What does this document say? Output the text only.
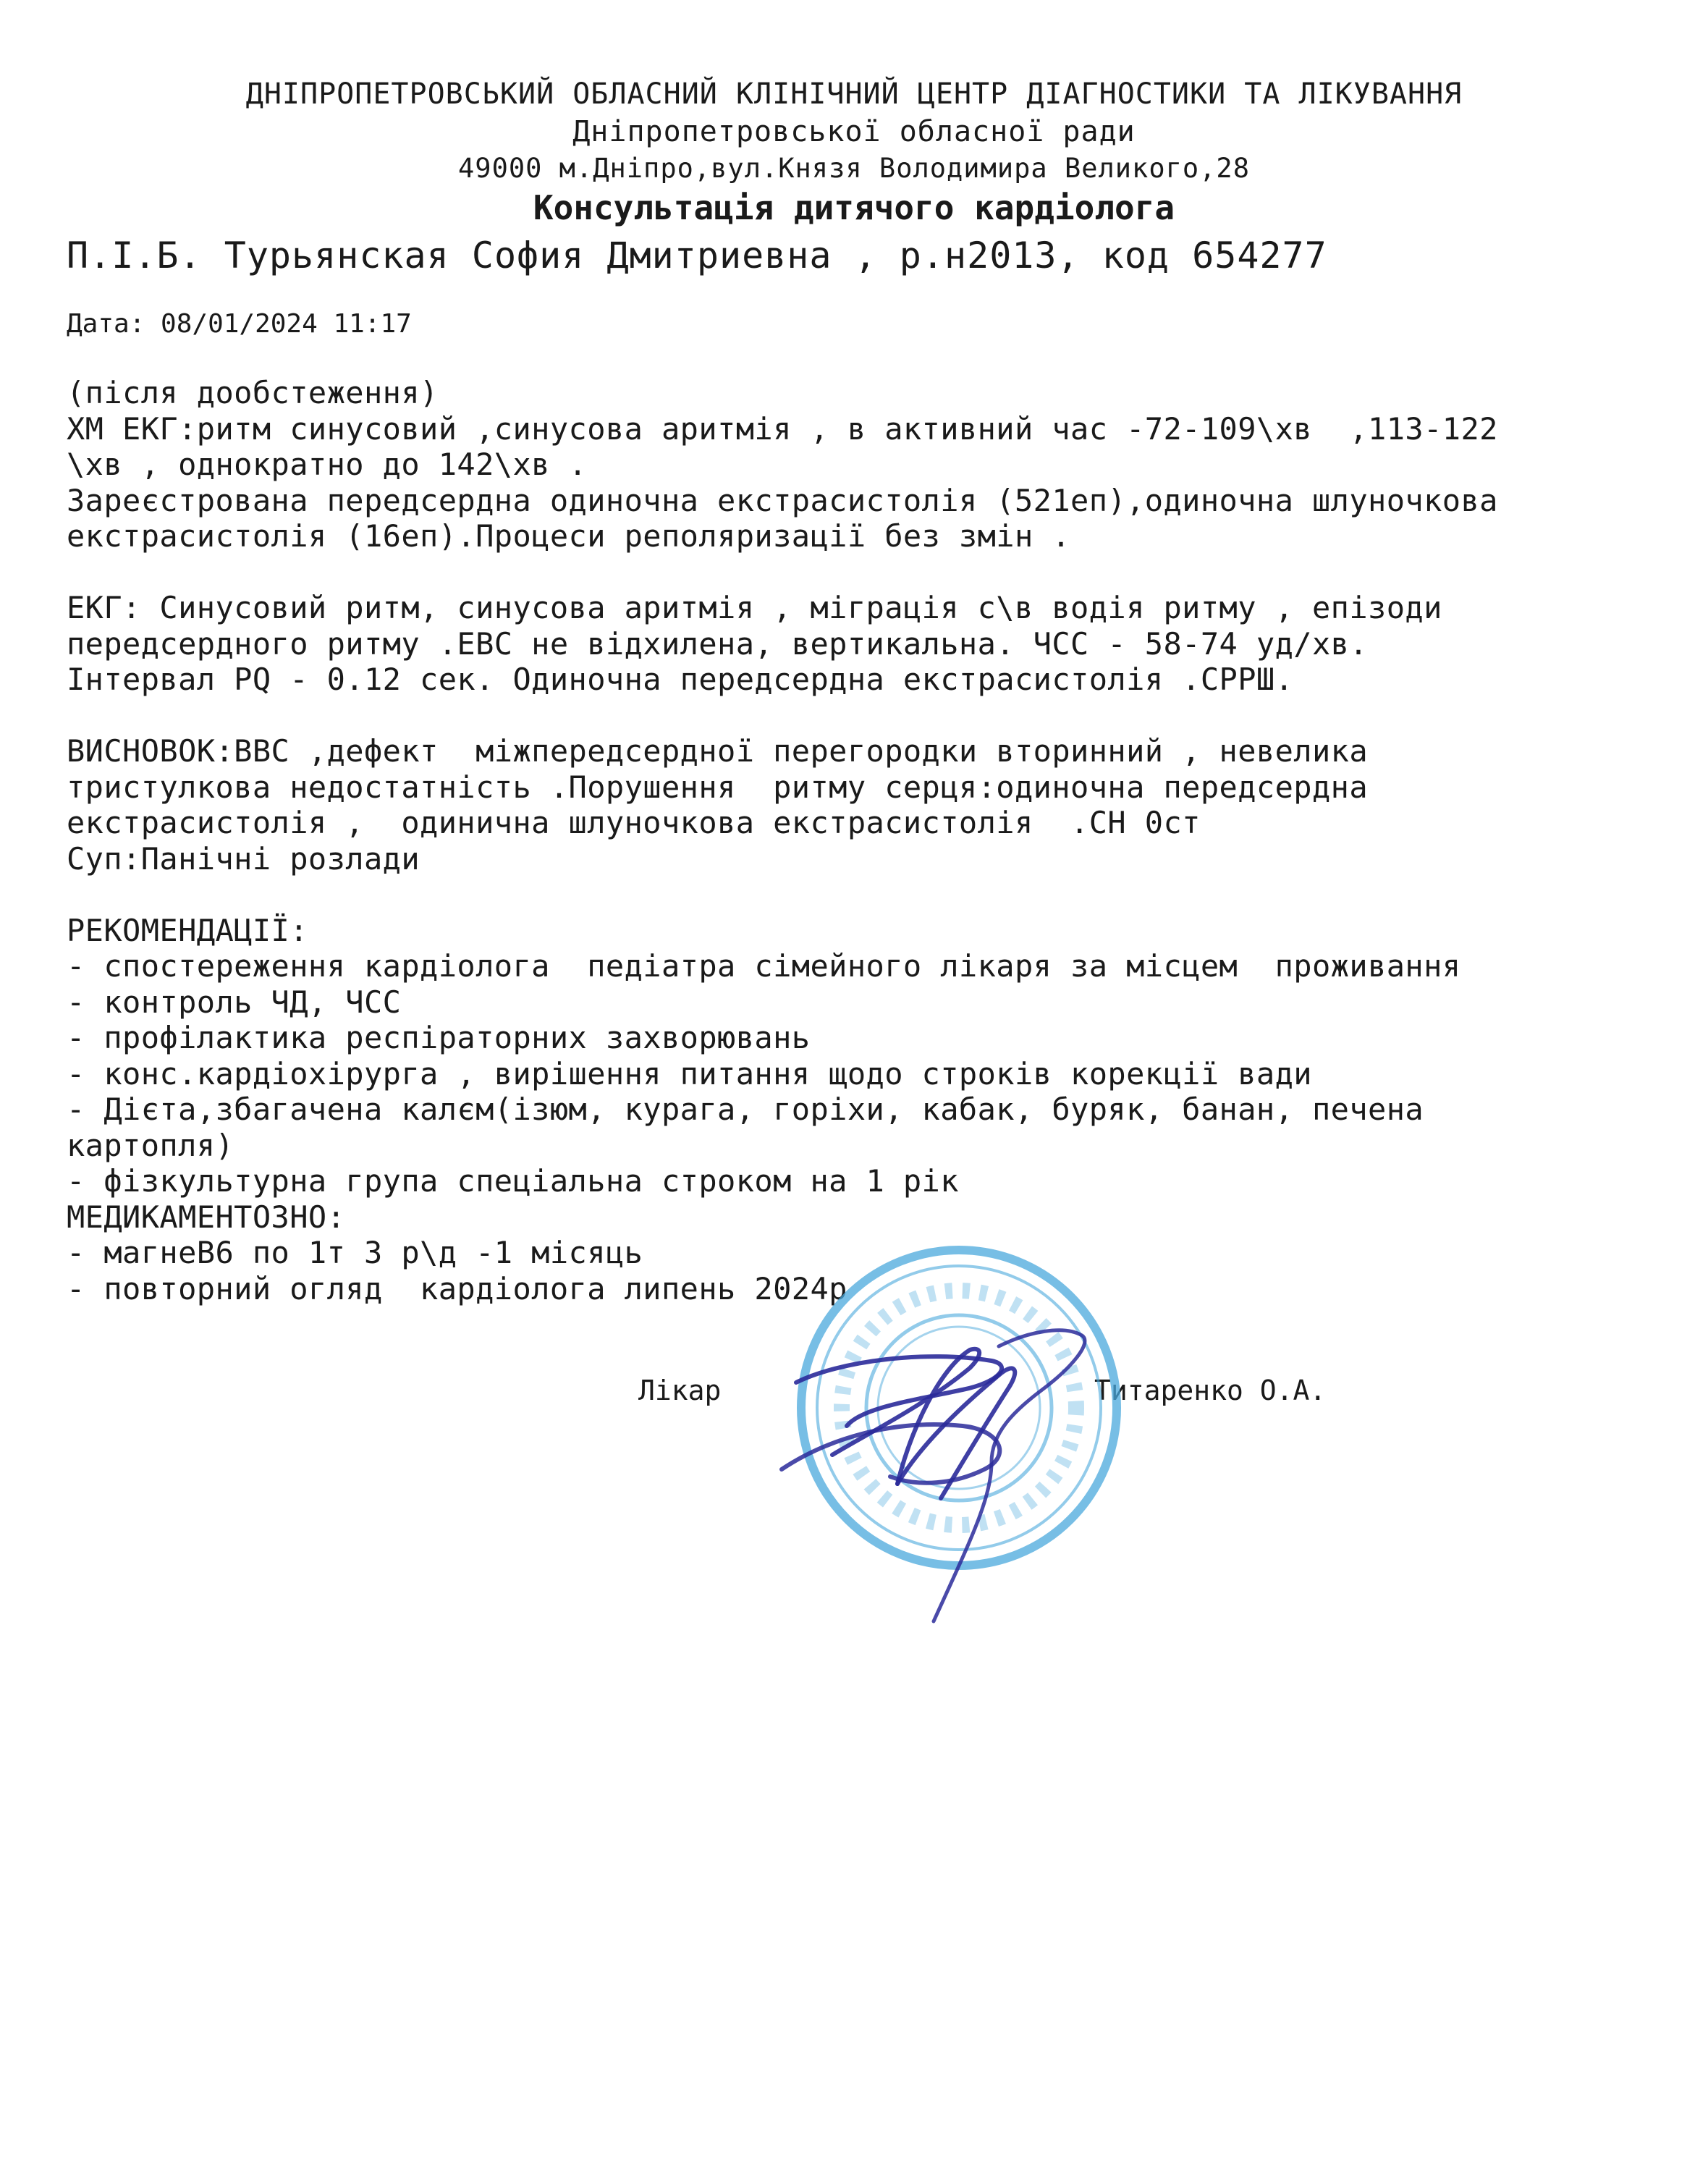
ДНІПРОПЕТРОВСЬКИЙ ОБЛАСНИЙ КЛІНІЧНИЙ ЦЕНТР ДІАГНОСТИКИ ТА ЛІКУВАННЯ
Дніпропетровської обласної ради
49000 м.Дніпро,вул.Князя Володимира Великого,28
Консультація дитячого кардіолога
П.І.Б. Турьянская София Дмитриевна , р.н2013, код 654277
Дата: 08/01/2024 11:17
(після дообстеження)
ХМ ЕКГ:ритм синусовий ,синусова аритмія , в активний час -72-109\хв  ,113-122
\хв , однократно до 142\хв .
Зареєстрована передсердна одиночна екстрасистолія (521еп),одиночна шлуночкова
екстрасистолія (16еп).Процеси реполяризації без змін .
ЕКГ: Синусовий ритм, синусова аритмія , міграція с\в водія ритму , епізоди
передсердного ритму .ЕВС не відхилена, вертикальна. ЧСС - 58-74 уд/хв.
Інтервал PQ - 0.12 сек. Одиночна передсердна екстрасистолія .СРРШ.
ВИСНОВОК:ВВС ,дефект  міжпередсердної перегородки вторинний , невелика
тристулкова недостатність .Порушення  ритму серця:одиночна передсердна
екстрасистолія ,  одинична шлуночкова екстрасистолія  .СН 0ст
Суп:Панічні розлади
РЕКОМЕНДАЦІЇ:
- спостереження кардіолога  педіатра сімейного лікаря за місцем  проживання
- контроль ЧД, ЧСС
- профілактика респіраторних захворювань
- конс.кардіохірурга , вирішення питання щодо строків корекції вади
- Дієта,збагачена калєм(ізюм, курага, горіхи, кабак, буряк, банан, печена
картопля)
- фізкультурна група спеціальна строком на 1 рік
МЕДИКАМЕНТОЗНО:
- магнеВ6 по 1т 3 р\д -1 місяць
- повторний огляд  кардіолога липень 2024р
Лікар	Титаренко О.А.
